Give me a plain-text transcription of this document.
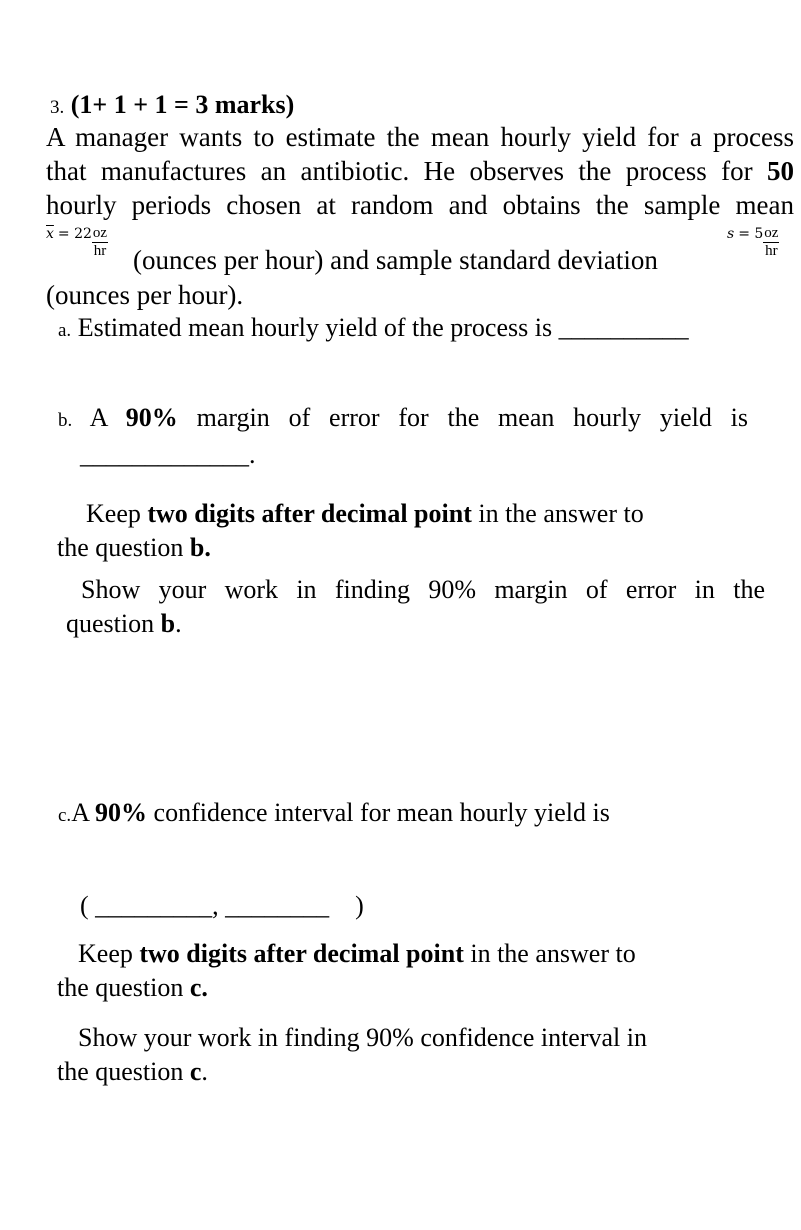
3. (1+ 1 + 1 = 3 marks)
A manager wants to estimate the mean hourly yield for a process
that manufactures an antibiotic. He observes the process for 50
hourly periods chosen at random and obtains the sample mean
$\overline{x} = 22 \frac{oz}{hr}$
(ounces per hour) and sample standard deviation
$s = 5 \frac{oz}{hr}$
(ounces per hour).
a. Estimated mean hourly yield of the process is __________
b. A 90% margin of error for the mean hourly yield is
_____________.
Keep two digits after decimal point in the answer to
the question b.
Show your work in finding 90% margin of error in the
question b.
c.A 90% confidence interval for mean hourly yield is
( _________, ________    )
Keep two digits after decimal point in the answer to
the question c.
Show your work in finding 90% confidence interval in
the question c.
